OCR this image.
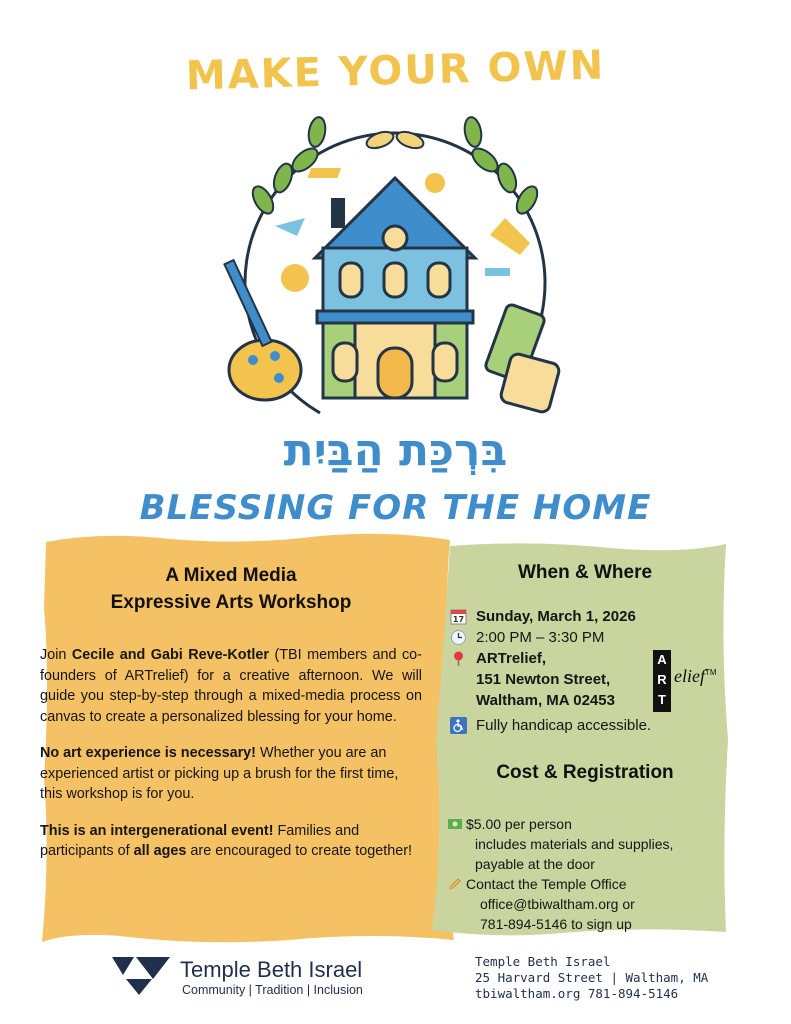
MAKE YOUR OWN
בִּרְכַּת הַבַּיִת
BLESSING FOR THE HOME
A Mixed Media
Expressive Arts Workshop

Join Cecile and Gabi Reve-Kotler (TBI members and co-founders of ARTrelief) for a creative afternoon. We will guide you step-by-step through a mixed-media process on canvas to create a personalized blessing for your home.

No art experience is necessary! Whether you are an experienced artist or picking up a brush for the first time, this workshop is for you.

This is an intergenerational event! Families and participants of all ages are encouraged to create together!

When & Where
17 Sunday, March 1, 2026
2:00 PM – 3:30 PM
ARTrelief,
151 Newton Street,
Waltham, MA 02453
Fully handicap accessible.
Cost & Registration
$5.00 per person
includes materials and supplies,
payable at the door
Contact the Temple Office
office@tbiwaltham.org or
781-894-5146 to sign up
A
R
T
elief™
Temple Beth Israel
Community | Tradition | Inclusion
Temple Beth Israel
25 Harvard Street | Waltham, MA
tbiwaltham.org 781-894-5146
